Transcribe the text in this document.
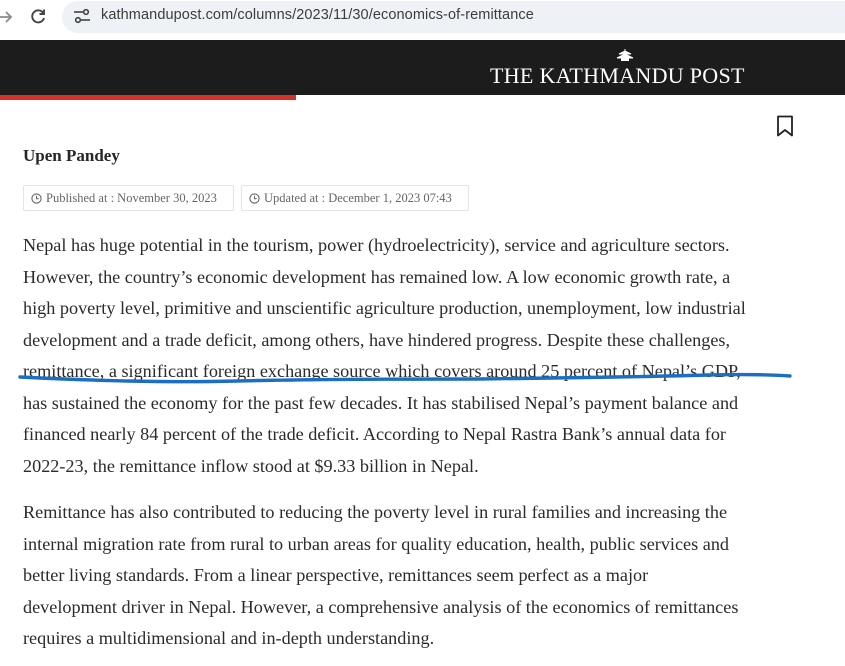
kathmandupost.com/columns/2023/11/30/economics-of-remittance
THE KATHMANDU POST
Upen Pandey
Published at : November 30, 2023	Updated at : December 1, 2023 07:43
Nepal has huge potential in the tourism, power (hydroelectricity), service and agriculture sectors.
However, the country’s economic development has remained low. A low economic growth rate, a
high poverty level, primitive and unscientific agriculture production, unemployment, low industrial
development and a trade deficit, among others, have hindered progress. Despite these challenges,
remittance, a significant foreign exchange source which covers around 25 percent of Nepal’s GDP,
has sustained the economy for the past few decades. It has stabilised Nepal’s payment balance and
financed nearly 84 percent of the trade deficit. According to Nepal Rastra Bank’s annual data for
2022-23, the remittance inflow stood at $9.33 billion in Nepal.
Remittance has also contributed to reducing the poverty level in rural families and increasing the
internal migration rate from rural to urban areas for quality education, health, public services and
better living standards. From a linear perspective, remittances seem perfect as a major
development driver in Nepal. However, a comprehensive analysis of the economics of remittances
requires a multidimensional and in-depth understanding.
